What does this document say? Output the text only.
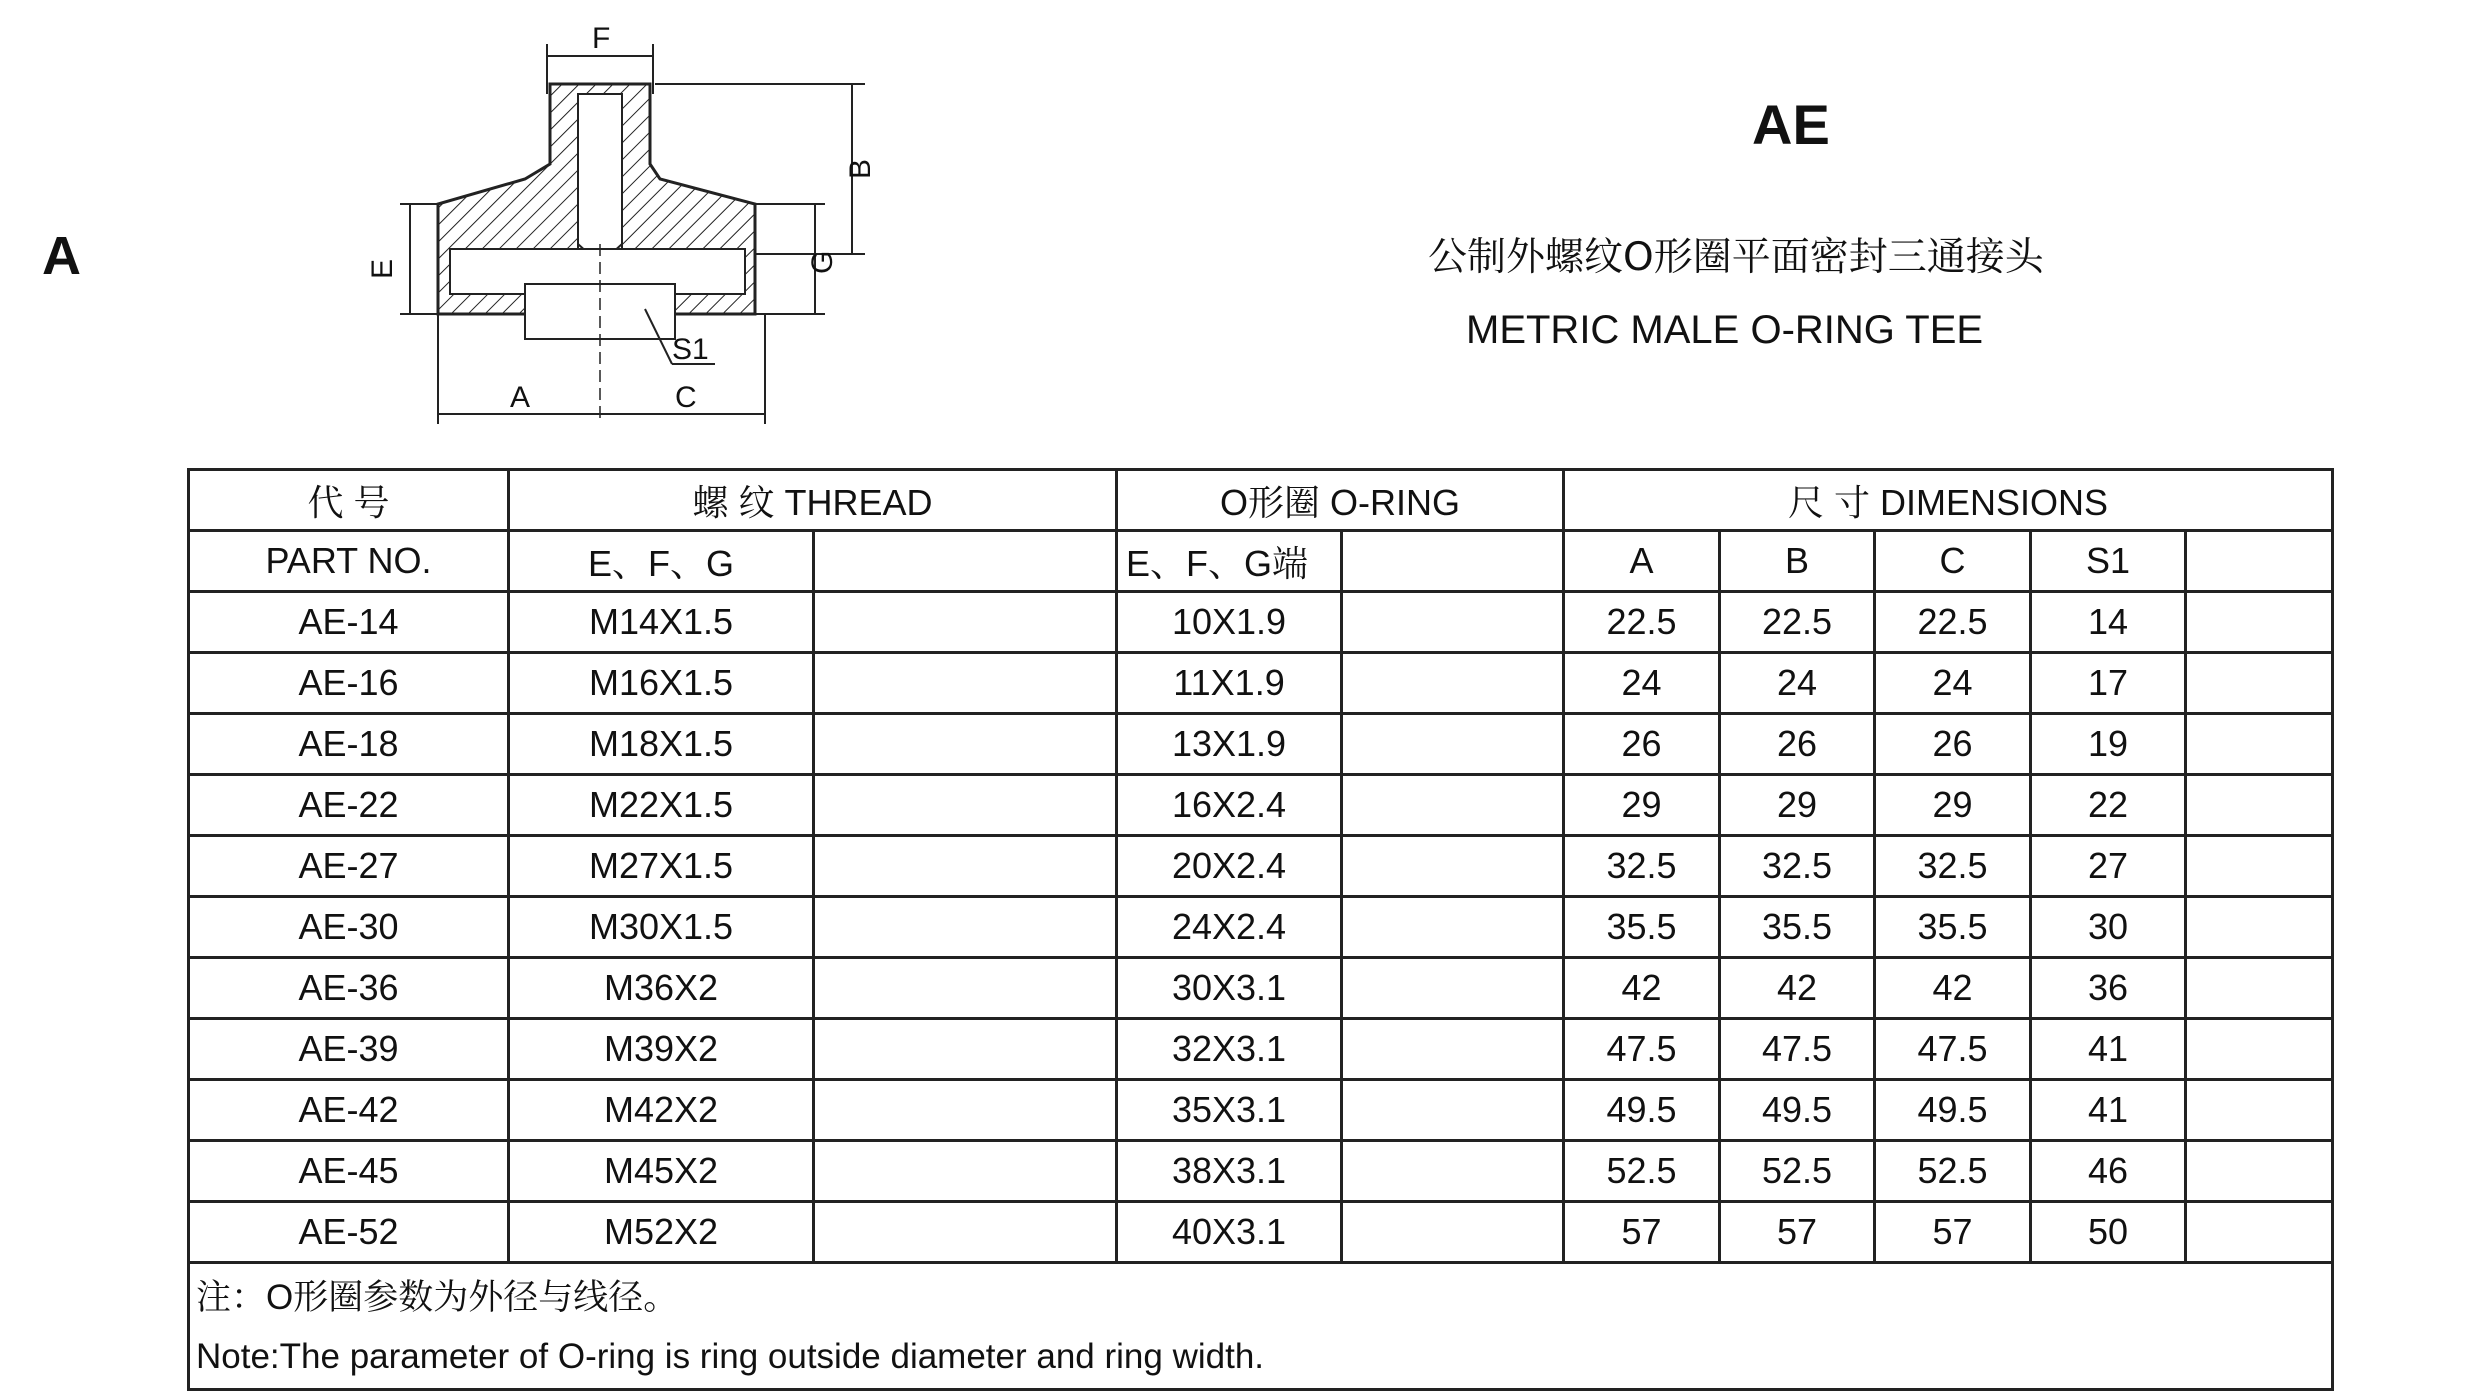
A
AE
公制外螺纹O形圈平面密封三通接头
METRIC MALE O-RING TEE
F
B
G
E
A	C
S1
代 号	螺 纹 THREAD		O形圈 O-RING		尺 寸 DIMENSIONS				
PART NO.	E、F、G		E、F、G端		A	B	C	S1	
AE-14	M14X1.5		10X1.9		22.5	22.5	22.5	14	
AE-16	M16X1.5		11X1.9		24	24	24	17	
AE-18	M18X1.5		13X1.9		26	26	26	19	
AE-22	M22X1.5		16X2.4		29	29	29	22	
AE-27	M27X1.5		20X2.4		32.5	32.5	32.5	27	
AE-30	M30X1.5		24X2.4		35.5	35.5	35.5	30	
AE-36	M36X2		30X3.1		42	42	42	36	
AE-39	M39X2		32X3.1		47.5	47.5	47.5	41	
AE-42	M42X2		35X3.1		49.5	49.5	49.5	41	
AE-45	M45X2		38X3.1		52.5	52.5	52.5	46	
AE-52	M52X2		40X3.1		57	57	57	50	
注：O形圈参数为外径与线径。									
Note:The parameter of O-ring is ring outside diameter and ring width.									
